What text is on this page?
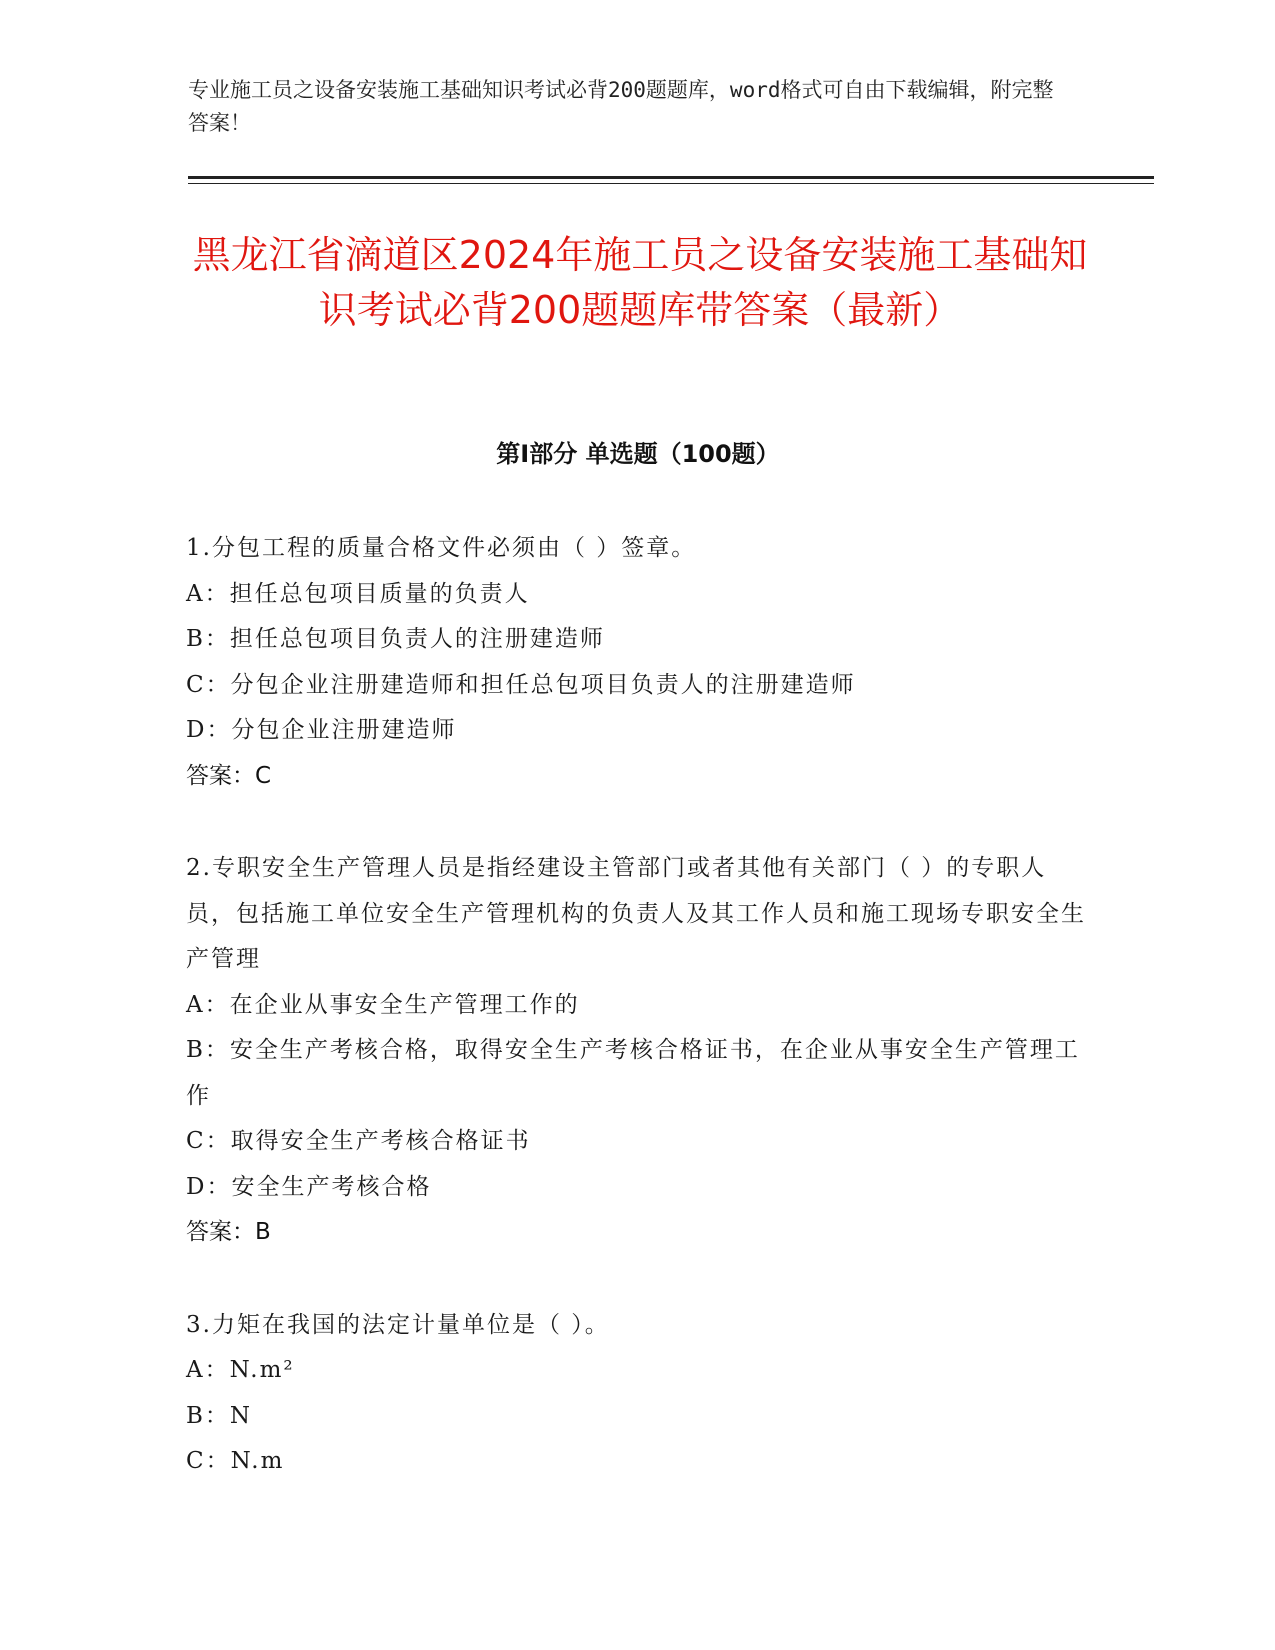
专业施工员之设备安装施工基础知识考试必背200题题库，word格式可自由下载编辑，附完整答案！
黑龙江省滴道区2024年施工员之设备安装施工基础知识考试必背200题题库带答案（最新）
第Ⅰ部分 单选题（100题）
1.分包工程的质量合格文件必须由（ ）签章。
A：担任总包项目质量的负责人
B：担任总包项目负责人的注册建造师
C：分包企业注册建造师和担任总包项目负责人的注册建造师
D：分包企业注册建造师
答案：C
2.专职安全生产管理人员是指经建设主管部门或者其他有关部门（ ）的专职人员，包括施工单位安全生产管理机构的负责人及其工作人员和施工现场专职安全生产管理
A：在企业从事安全生产管理工作的
B：安全生产考核合格，取得安全生产考核合格证书，在企业从事安全生产管理工作
C：取得安全生产考核合格证书
D：安全生产考核合格
答案：B
3.力矩在我国的法定计量单位是（ ）。
A：N.m²
B：N
C：N.m
